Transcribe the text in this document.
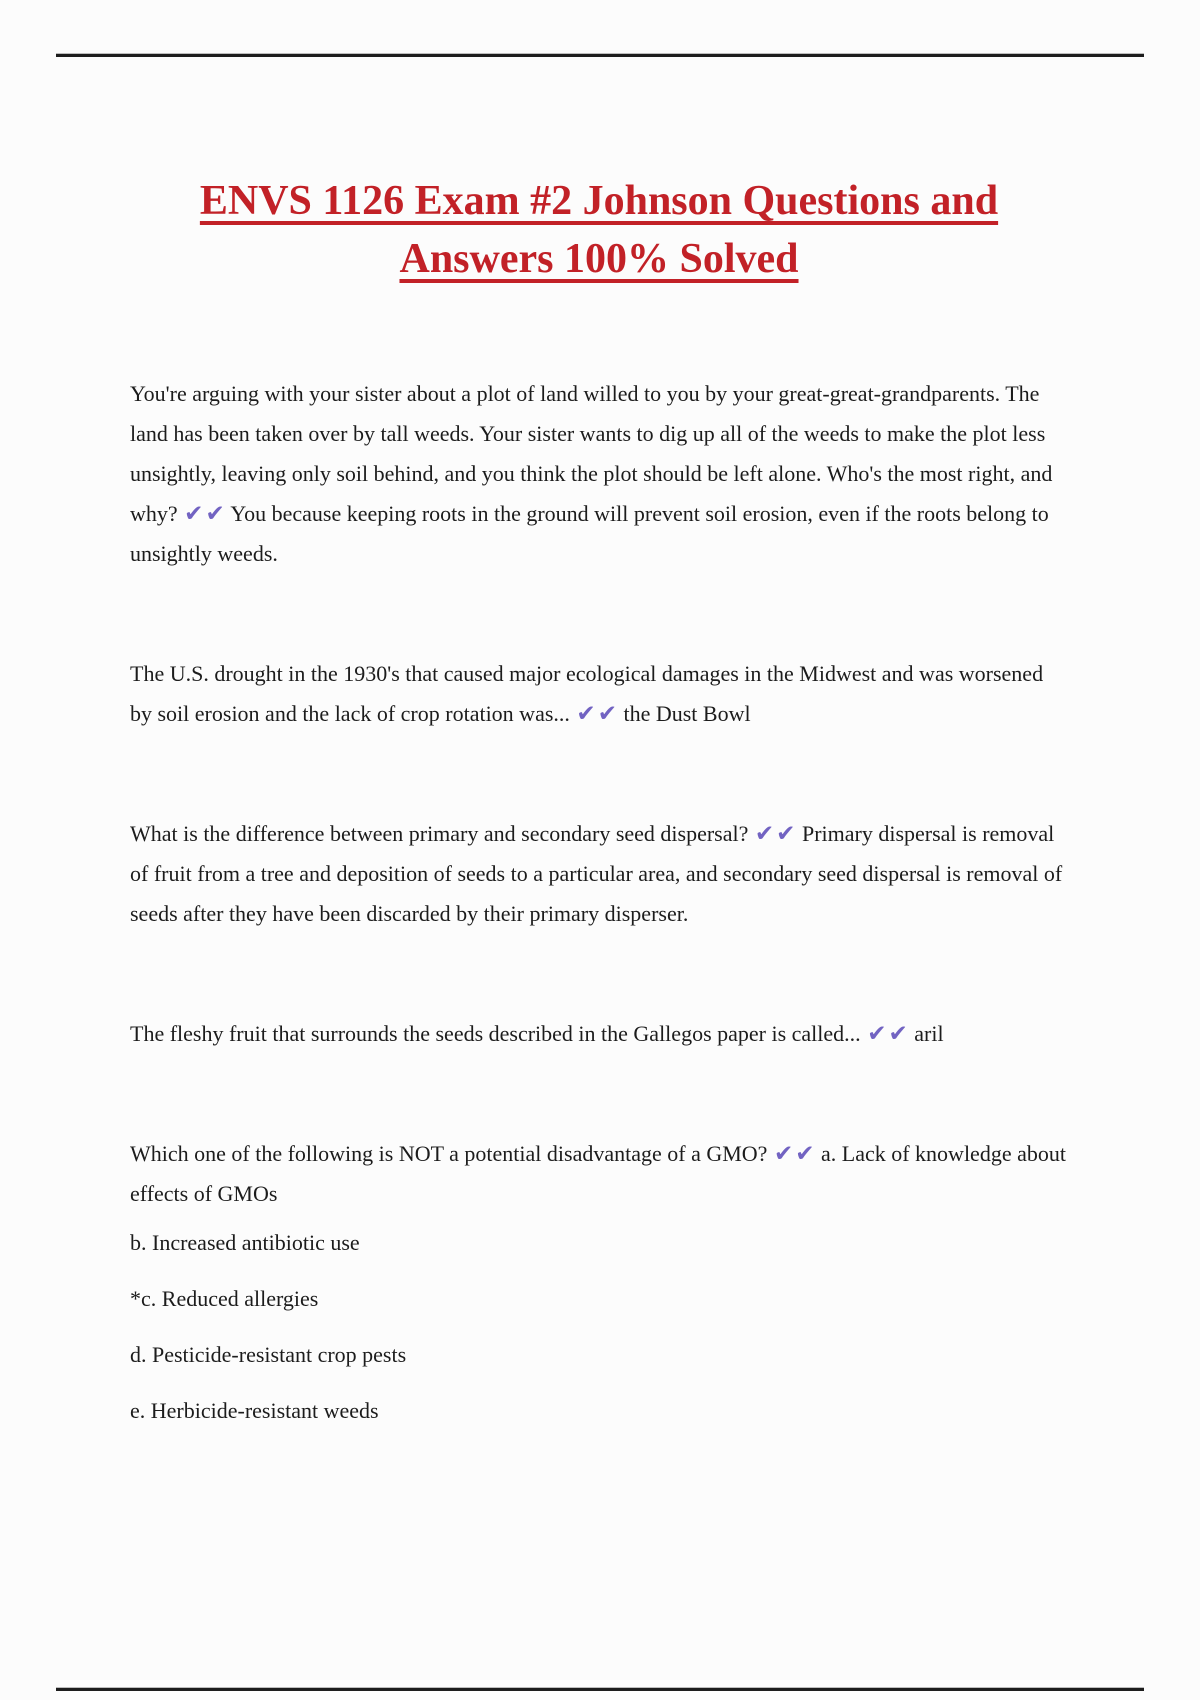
ENVS 1126 Exam #2 Johnson Questions and Answers 100% Solved

You're arguing with your sister about a plot of land willed to you by your great-great-grandparents. The land has been taken over by tall weeds. Your sister wants to dig up all of the weeds to make the plot less unsightly, leaving only soil behind, and you think the plot should be left alone. Who's the most right, and why? ✔✔ You because keeping roots in the ground will prevent soil erosion, even if the roots belong to unsightly weeds.

The U.S. drought in the 1930's that caused major ecological damages in the Midwest and was worsened by soil erosion and the lack of crop rotation was... ✔✔ the Dust Bowl

What is the difference between primary and secondary seed dispersal? ✔✔ Primary dispersal is removal of fruit from a tree and deposition of seeds to a particular area, and secondary seed dispersal is removal of seeds after they have been discarded by their primary disperser.

The fleshy fruit that surrounds the seeds described in the Gallegos paper is called... ✔✔ aril

Which one of the following is NOT a potential disadvantage of a GMO? ✔✔ a. Lack of knowledge about effects of GMOs

b. Increased antibiotic use

*c. Reduced allergies

d. Pesticide-resistant crop pests

e. Herbicide-resistant weeds
